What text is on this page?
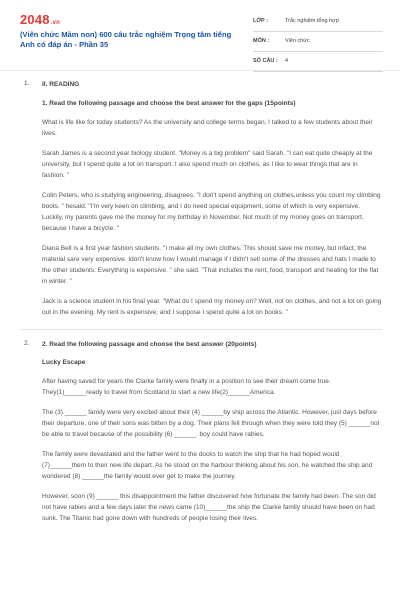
2048.vn
(Viên chức Mầm non) 600 câu trắc nghiệm Trọng tâm tiếng Anh có đáp án - Phần 35
LỚP :	Trắc nghiệm tổng hợp
MÔN :	Viên chức
SỐ CÂU : 4
1. II. READING
1. Read the following passage and choose the best answer for the gaps (15points)

What is life like for today students? As the university and college terms began, I talked to a few students about their lives.

Sarah James is a second year biology student. "Money is a big problem" said Sarah. "I can eat quite cheaply at the university, but I spend quite a lot on transport. I also spend much on clothes, as I like to wear things that are in fashion. "

Colin Peters, who is studying engineering, disagrees. "I don't spend anything on clothes,unless you count my climbing boots. " hesaid. "I'm very keen on climbing, and I do need special equipment, some of which is very expensive. Luckily, my parents gave me the money for my birthday in November. Not much of my money goes on transport, because I have a bicycle. "

Diana Bell is a first year fashion students. "I make all my own clothes. This should save me money, but infact, the material sare very expensive. Idon't know how I would manage if I didn't sell some of the dresses and hats I made to the other students. Everything is expensive. " she said. "That includes the rent, food, transport and heating for the flat in winter. "

Jack is a science student in his final year. "What do I spend my money on? Well, not on clothes, and not a lot on going out in the evening. My rent is expensive, and I suppose I spend quite a lot on books. "

2. 2. Read the following passage and choose the best answer (20points)
Lucky Escape

After having saved for years the Clarke family were finally in a position to see their dream come true. They(1)______ready to travel from Scotland to start a new life(2)______America.

The (3) ______ family were very excited about their (4) ______by ship across the Atlantic. However, just days before their departure, one of their sons was bitten by a dog. Their plans fell through when they were told they (5) ______not be able to travel because of the possibility (6) ______. boy could have rabies.

The family were devastated and the father went to the docks to watch the ship that he had hoped would (7)______them to their new life depart. As he stood on the harbour thinking about his son, he watched the ship and wondered (8) ______the family would ever get to make the journey.

However, soon (9) ______ this disappointment the father discovered how fortunate the family had been. The son did not have rabies and a few days later the news came (10)______the ship the Clarke family should have been on had sunk. The Titanic had gone down with hundreds of people losing their lives.
